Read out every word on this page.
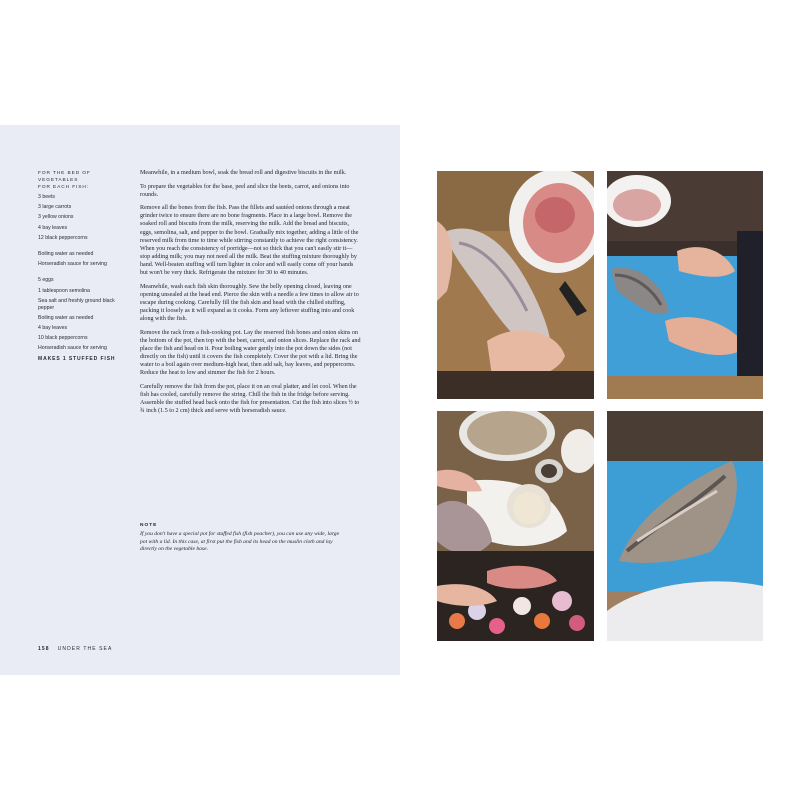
FOR THE BED OF VEGETABLES
FOR EACH FISH:
3 beets
3 large carrots
3 yellow onions
4 bay leaves
12 black peppercorns
Boiling water as needed
Horseradish sauce for serving
5 eggs
1 tablespoon semolina
Sea salt and freshly ground black pepper
Boiling water as needed
4 bay leaves
10 black peppercorns
Horseradish sauce for serving
MAKES 1 STUFFED FISH

Meanwhile, in a medium bowl, soak the bread roll and digestive biscuits in the milk.

To prepare the vegetables for the base, peel and slice the beets, carrot, and onions into rounds.

Remove all the bones from the fish. Pass the fillets and sautéed onions through a meat grinder twice to ensure there are no bone fragments. Place in a large bowl. Remove the soaked roll and biscuits from the milk, reserving the milk. Add the bread and biscuits, eggs, semolina, salt, and pepper to the bowl. Gradually mix together, adding a little of the reserved milk from time to time while stirring constantly to achieve the right consistency. When you reach the consistency of porridge—not so thick that you can't easily stir it—stop adding milk; you may not need all the milk. Beat the stuffing mixture thoroughly by hand. Well-beaten stuffing will turn lighter in color and will easily come off your hands but won't be very thick. Refrigerate the mixture for 30 to 40 minutes.

Meanwhile, wash each fish skin thoroughly. Sew the belly opening closed, leaving one opening unsealed at the head end. Pierce the skin with a needle a few times to allow air to escape during cooking. Carefully fill the fish skin and head with the chilled stuffing, packing it loosely as it will expand as it cooks. Form any leftover stuffing into and cook along with the fish.

Remove the rack from a fish-cooking pot. Lay the reserved fish bones and onion skins on the bottom of the pot, then top with the beet, carrot, and onion slices. Replace the rack and place the fish and head on it. Pour boiling water gently into the pot down the sides (not directly on the fish) until it covers the fish completely. Cover the pot with a lid. Bring the water to a boil again over medium-high heat, then add salt, bay leaves, and peppercorns. Reduce the heat to low and simmer the fish for 2 hours.

Carefully remove the fish from the pot, place it on an oval platter, and let cool. When the fish has cooled, carefully remove the string. Chill the fish in the fridge before serving. Assemble the stuffed head back onto the fish for presentation. Cut the fish into slices ½ to ¾ inch (1.5 to 2 cm) thick and serve with horseradish sauce.

NOTE
If you don't have a special pot for stuffed fish (fish poacher), you can use any wide, large pot with a lid. In this case, at first put the fish and its head on the muslin cloth and lay directly on the vegetable base.
158 UNDER THE SEA
